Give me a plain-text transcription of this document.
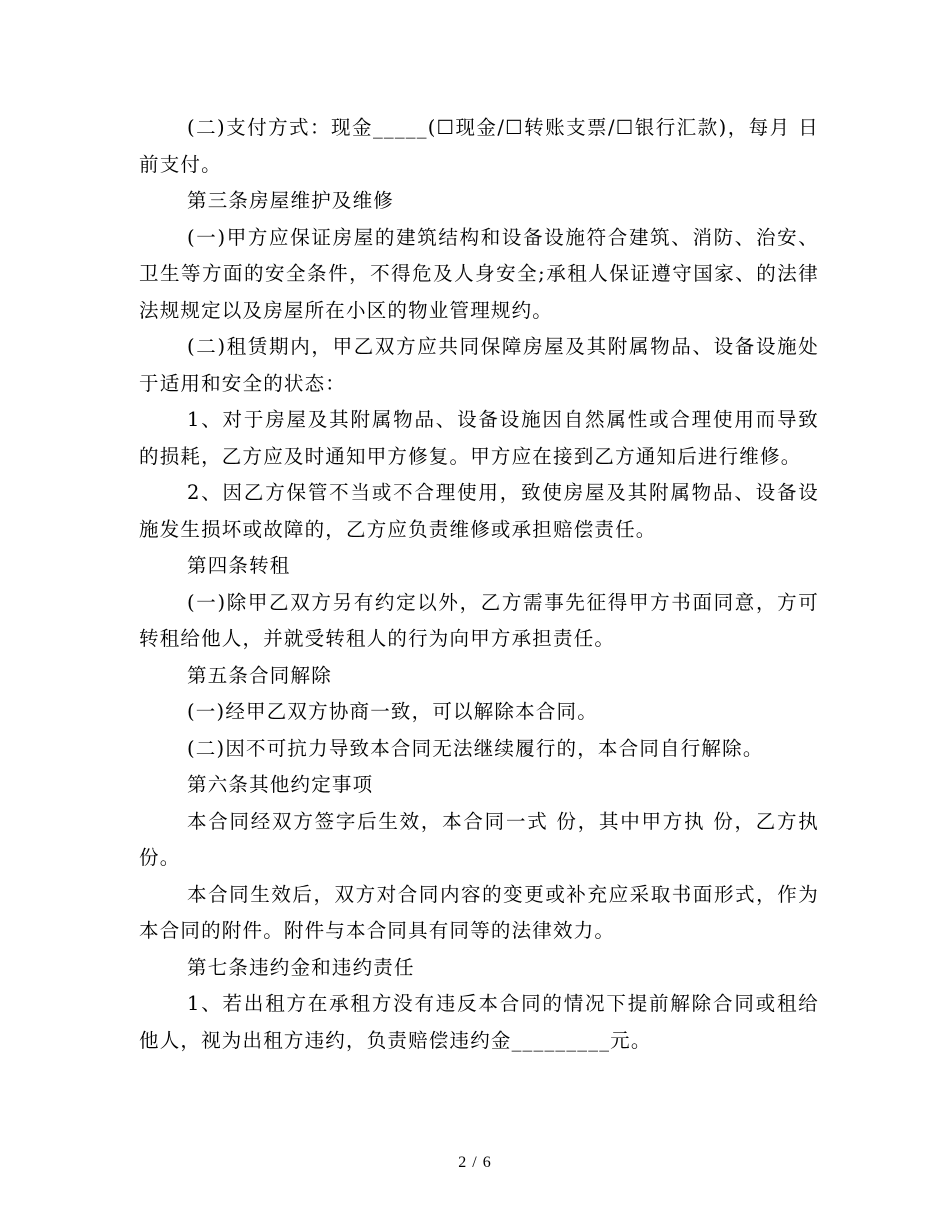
(二)支付方式：现金_____(☐现金/☐转账支票/☐银行汇款)，每月 日前支付。

第三条房屋维护及维修

(一)甲方应保证房屋的建筑结构和设备设施符合建筑、消防、治安、卫生等方面的安全条件，不得危及人身安全;承租人保证遵守国家、的法律法规规定以及房屋所在小区的物业管理规约。

(二)租赁期内，甲乙双方应共同保障房屋及其附属物品、设备设施处于适用和安全的状态：

1、对于房屋及其附属物品、设备设施因自然属性或合理使用而导致的损耗，乙方应及时通知甲方修复。甲方应在接到乙方通知后进行维修。

2、因乙方保管不当或不合理使用，致使房屋及其附属物品、设备设施发生损坏或故障的，乙方应负责维修或承担赔偿责任。

第四条转租

(一)除甲乙双方另有约定以外，乙方需事先征得甲方书面同意，方可转租给他人，并就受转租人的行为向甲方承担责任。

第五条合同解除

(一)经甲乙双方协商一致，可以解除本合同。

(二)因不可抗力导致本合同无法继续履行的，本合同自行解除。

第六条其他约定事项

本合同经双方签字后生效，本合同一式 份，其中甲方执 份，乙方执 份。

本合同生效后，双方对合同内容的变更或补充应采取书面形式，作为本合同的附件。附件与本合同具有同等的法律效力。

第七条违约金和违约责任

1、若出租方在承租方没有违反本合同的情况下提前解除合同或租给他人，视为出租方违约，负责赔偿违约金_________元。

2 / 6
